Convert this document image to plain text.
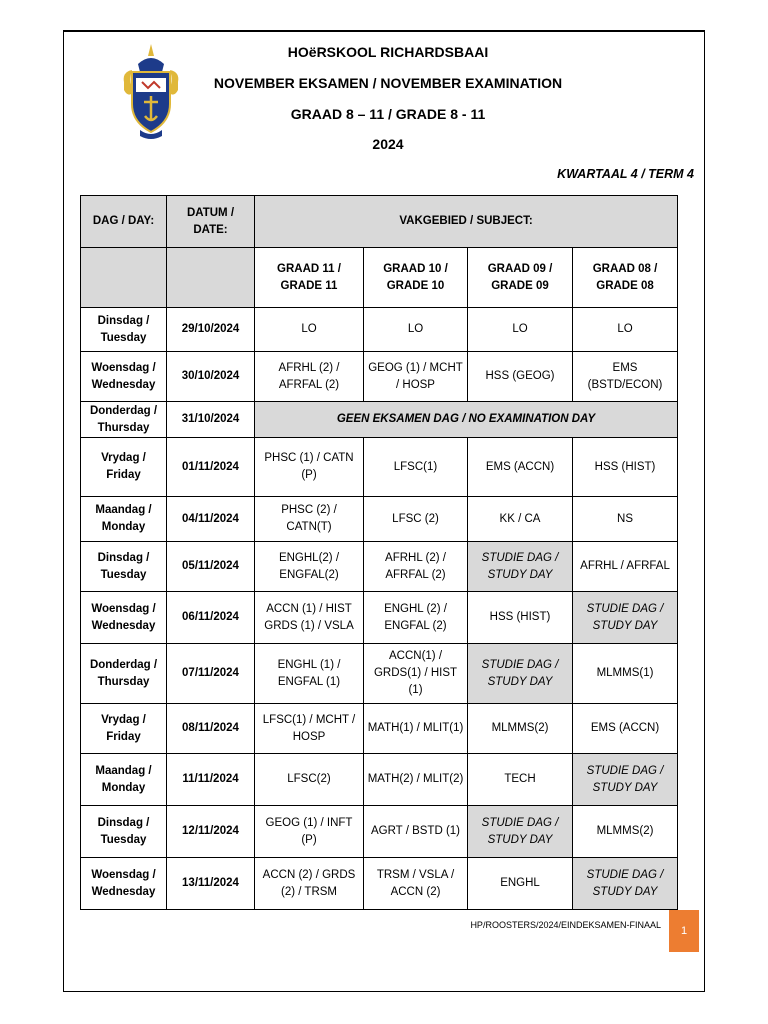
HOëRSKOOL RICHARDSBAAI
NOVEMBER EKSAMEN / NOVEMBER EXAMINATION
GRAAD 8 – 11 / GRADE 8 - 11
2024
KWARTAAL 4 / TERM 4
DAG / DAY:	DATUM / DATE:	VAKGEBIED / SUBJECT:			
		GRAAD 11 / GRADE 11	GRAAD 10 / GRADE 10	GRAAD 09 / GRADE 09	GRAAD 08 / GRADE 08
Dinsdag / Tuesday	29/10/2024	LO	LO	LO	LO
Woensdag / Wednesday	30/10/2024	AFRHL (2) / AFRFAL (2)	GEOG (1) / MCHT / HOSP	HSS (GEOG)	EMS (BSTD/ECON)
Donderdag / Thursday	31/10/2024	GEEN EKSAMEN DAG / NO EXAMINATION DAY			
Vrydag / Friday	01/11/2024	PHSC (1) / CATN (P)	LFSC(1)	EMS (ACCN)	HSS (HIST)
Maandag / Monday	04/11/2024	PHSC (2) / CATN(T)	LFSC (2)	KK / CA	NS
Dinsdag / Tuesday	05/11/2024	ENGHL(2) / ENGFAL(2)	AFRHL (2) / AFRFAL (2)	STUDIE DAG / STUDY DAY	AFRHL / AFRFAL
Woensdag / Wednesday	06/11/2024	ACCN (1) / HIST GRDS (1) / VSLA	ENGHL (2) / ENGFAL (2)	HSS (HIST)	STUDIE DAG / STUDY DAY
Donderdag / Thursday	07/11/2024	ENGHL (1) / ENGFAL (1)	ACCN(1) / GRDS(1) / HIST (1)	STUDIE DAG / STUDY DAY	MLMMS(1)
Vrydag / Friday	08/11/2024	LFSC(1) / MCHT / HOSP	MATH(1) / MLIT(1)	MLMMS(2)	EMS (ACCN)
Maandag / Monday	11/11/2024	LFSC(2)	MATH(2) / MLIT(2)	TECH	STUDIE DAG / STUDY DAY
Dinsdag / Tuesday	12/11/2024	GEOG (1) / INFT (P)	AGRT / BSTD (1)	STUDIE DAG / STUDY DAY	MLMMS(2)
Woensdag / Wednesday	13/11/2024	ACCN (2) / GRDS (2) / TRSM	TRSM / VSLA / ACCN (2)	ENGHL	STUDIE DAG / STUDY DAY
HP/ROOSTERS/2024/EINDEKSAMEN-FINAAL	1
